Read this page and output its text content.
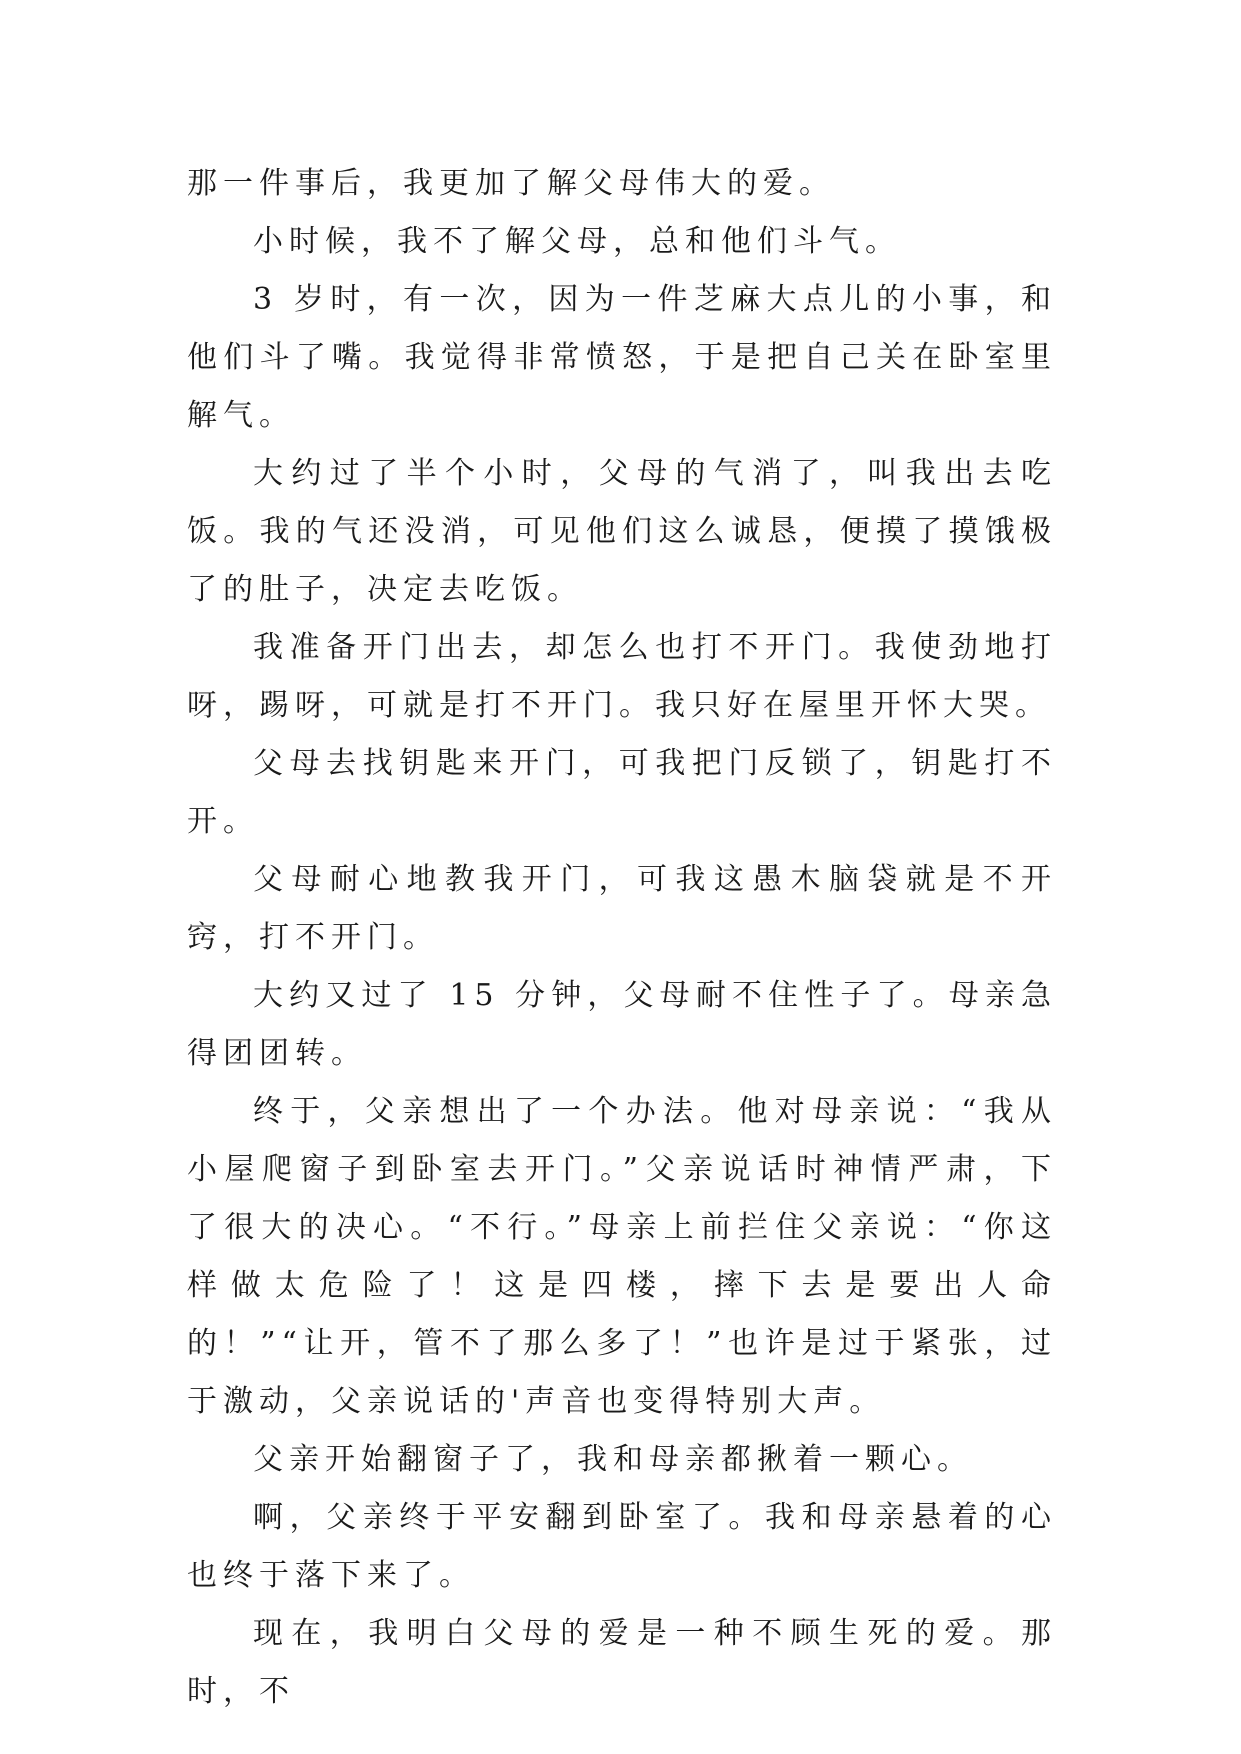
那一件事后，我更加了解父母伟大的爱。

小时候，我不了解父母，总和他们斗气。

3 岁时，有一次，因为一件芝麻大点儿的小事，和他们斗了嘴。我觉得非常愤怒，于是把自己关在卧室里解气。

大约过了半个小时，父母的气消了，叫我出去吃饭。我的气还没消，可见他们这么诚恳，便摸了摸饿极了的肚子，决定去吃饭。

我准备开门出去，却怎么也打不开门。我使劲地打呀，踢呀，可就是打不开门。我只好在屋里开怀大哭。

父母去找钥匙来开门，可我把门反锁了，钥匙打不开。

父母耐心地教我开门，可我这愚木脑袋就是不开窍，打不开门。

大约又过了 15 分钟，父母耐不住性子了。母亲急得团团转。

终于，父亲想出了一个办法。他对母亲说：“我从小屋爬窗子到卧室去开门。”父亲说话时神情严肃，下了很大的决心。“不行。”母亲上前拦住父亲说：“你这样做太危险了！这是四楼，摔下去是要出人命的！”“让开，管不了那么多了！”也许是过于紧张，过于激动，父亲说话的'声音也变得特别大声。

父亲开始翻窗子了，我和母亲都揪着一颗心。

啊，父亲终于平安翻到卧室了。我和母亲悬着的心也终于落下来了。

现在，我明白父母的爱是一种不顾生死的爱。那时，不
